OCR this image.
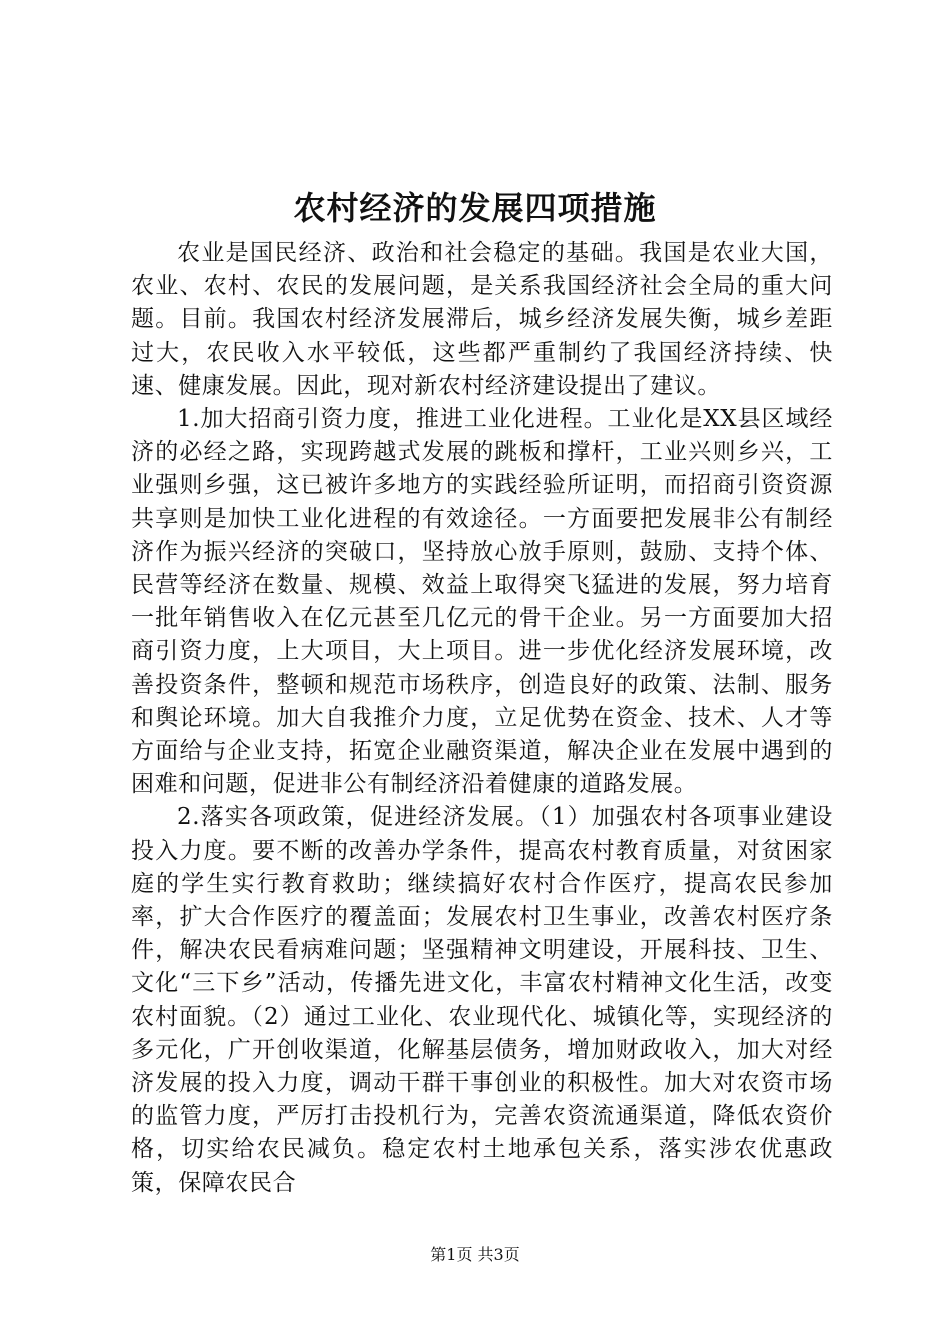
农村经济的发展四项措施

农业是国民经济、政治和社会稳定的基础。我国是农业大国，农业、农村、农民的发展问题，是关系我国经济社会全局的重大问题。目前。我国农村经济发展滞后，城乡经济发展失衡，城乡差距过大，农民收入水平较低，这些都严重制约了我国经济持续、快速、健康发展。因此，现对新农村经济建设提出了建议。

1.加大招商引资力度，推进工业化进程。工业化是XX县区域经济的必经之路，实现跨越式发展的跳板和撑杆，工业兴则乡兴，工业强则乡强，这已被许多地方的实践经验所证明，而招商引资资源共享则是加快工业化进程的有效途径。一方面要把发展非公有制经济作为振兴经济的突破口，坚持放心放手原则，鼓励、支持个体、民营等经济在数量、规模、效益上取得突飞猛进的发展，努力培育一批年销售收入在亿元甚至几亿元的骨干企业。另一方面要加大招商引资力度，上大项目，大上项目。进一步优化经济发展环境，改善投资条件，整顿和规范市场秩序，创造良好的政策、法制、服务和舆论环境。加大自我推介力度，立足优势在资金、技术、人才等方面给与企业支持，拓宽企业融资渠道，解决企业在发展中遇到的困难和问题，促进非公有制经济沿着健康的道路发展。

2.落实各项政策，促进经济发展。（1）加强农村各项事业建设投入力度。要不断的改善办学条件，提高农村教育质量，对贫困家庭的学生实行教育救助；继续搞好农村合作医疗，提高农民参加率，扩大合作医疗的覆盖面；发展农村卫生事业，改善农村医疗条件，解决农民看病难问题；坚强精神文明建设，开展科技、卫生、文化“三下乡”活动，传播先进文化，丰富农村精神文化生活，改变农村面貌。（2）通过工业化、农业现代化、城镇化等，实现经济的多元化，广开创收渠道，化解基层债务，增加财政收入，加大对经济发展的投入力度，调动干群干事创业的积极性。加大对农资市场的监管力度，严厉打击投机行为，完善农资流通渠道，降低农资价格，切实给农民减负。稳定农村土地承包关系，落实涉农优惠政策，保障农民合

第1页 共3页
